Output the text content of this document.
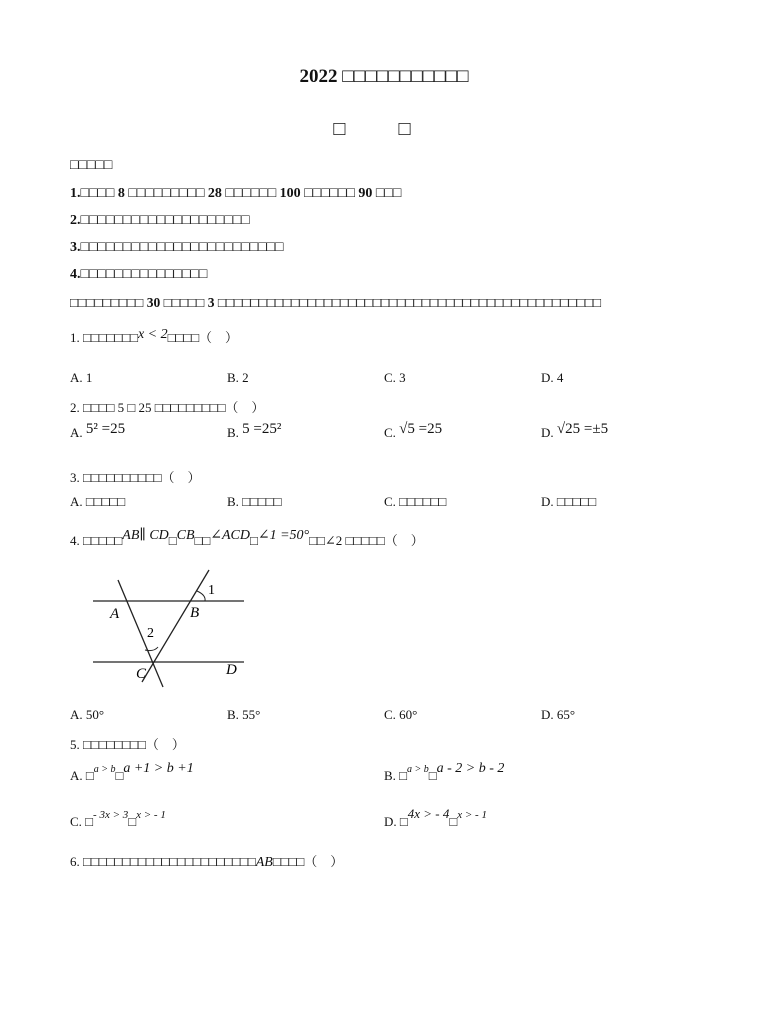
2022 □□□□□□□□□□□
□ □
□□□□□
1.□□□□ 8 □□□□□□□□□ 28 □□□□□□ 100 □□□□□□ 90 □□□
2.□□□□□□□□□□□□□□□□□□□□
3.□□□□□□□□□□□□□□□□□□□□□□□□
4.□□□□□□□□□□□□□□□
□□□□□□□□□ 30 □□□□□ 3 □□□□□□□□□□□□□□□□□□□□□□□□□□□□□□□□□□□□□□□□□□□□□□□
1. □□□□□□□x < 2□□□□（　）
A. 1	B. 2	C. 3	D. 4
2. □□□□ 5 □ 25 □□□□□□□□□（　）
A. 5² =25	B. 5 =25²	C. √5 =25	D. √25 =±5
3. □□□□□□□□□□（　）
A. □□□□□	B. □□□□□	C. □□□□□□	D. □□□□□
4. □□□□□AB∥ CD□CB□□∠ACD□∠1 =50°□□∠2 □□□□□（　）
A	B
C	D
1
2
A. 50°	B. 55°	C. 60°	D. 65°
5. □□□□□□□□（　）
A. □a > b□a +1 > b +1	B. □a > b□a - 2 > b - 2
C. □- 3x > 3□x > - 1	D. □4x > - 4□x > - 1
6. □□□□□□□□□□□□□□□□□□□□□□AB□□□□（　）
